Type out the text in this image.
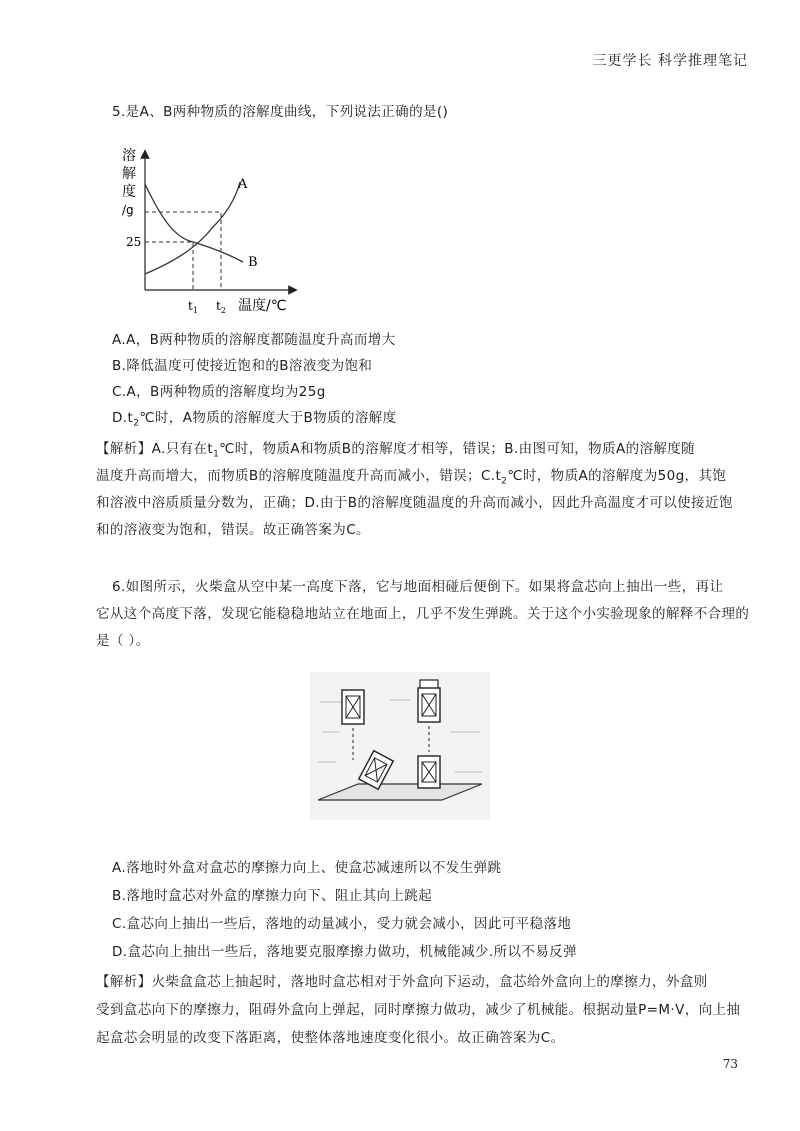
三更学长 科学推理笔记
5.是A、B两种物质的溶解度曲线，下列说法正确的是()
溶
解
度
/g
A
B
25
$t_1$ $t_2$ 温度/℃
A.A，B两种物质的溶解度都随温度升高而增大
B.降低温度可使接近饱和的B溶液变为饱和
C.A，B两种物质的溶解度均为25g
$D.t_2℃$时，A物质的溶解度大于B物质的溶解度
【解析】A.只有在$t_1℃$时，物质A和物质B的溶解度才相等，错误；B.由图可知，物质A的溶解度随
温度升高而增大，而物质B的溶解度随温度升高而减小，错误；$C.t_2℃$时，物质A的溶解度为50g，其饱
和溶液中溶质质量分数为，正确；D.由于B的溶解度随温度的升高而减小，因此升高温度才可以使接近饱
和的溶液变为饱和，错误。故正确答案为C。
6.如图所示，火柴盒从空中某一高度下落，它与地面相碰后便倒下。如果将盒芯向上抽出一些，再让
它从这个高度下落，发现它能稳稳地站立在地面上，几乎不发生弹跳。关于这个小实验现象的解释不合理的
是（ ）。
A.落地时外盒对盒芯的摩擦力向上、使盒芯减速所以不发生弹跳
B.落地时盒芯对外盒的摩擦力向下、阻止其向上跳起
C.盒芯向上抽出一些后，落地的动量减小，受力就会减小，因此可平稳落地
D.盒芯向上抽出一些后，落地要克服摩擦力做功，机械能减少.所以不易反弹
【解析】火柴盒盒芯上抽起时，落地时盒芯相对于外盒向下运动，盒芯给外盒向上的摩擦力，外盒则
受到盒芯向下的摩擦力，阻碍外盒向上弹起，同时摩擦力做功，减少了机械能。根据动量P=M·V，向上抽
起盒芯会明显的改变下落距离，使整体落地速度变化很小。故正确答案为C。
73
